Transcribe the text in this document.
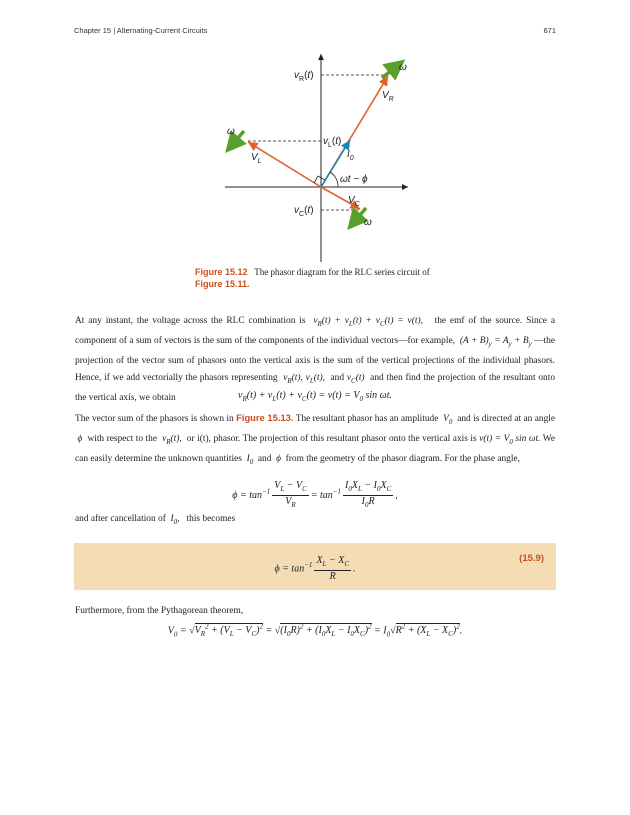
Chapter 15 | Alternating-Current Circuits	671
$v_R(t)$
$v_L(t)$
$v_C(t)$
$V_R$
$V_L$
$V_C$
$I_0$
ωt − ϕ
ω
ω
ω
Figure 15.12 The phasor diagram for the RLC series circuit of
Figure 15.11.
At any instant, the voltage across the RLC combination is $v_R(t) + v_L(t) + v_C(t) = v(t)$, the emf of the source. Since a component of a sum of vectors is the sum of the components of the individual vectors—for example, $(A + B)_y = A_y + B_y$ —the projection of the vector sum of phasors onto the vertical axis is the sum of the vertical projections of the individual phasors. Hence, if we add vectorially the phasors representing $v_R(t)$, $v_L(t)$,  and $v_C(t)$ and then find the projection of the resultant onto the vertical axis, we obtain	$v_R(t) + v_L(t) + v_C(t) = v(t) = V_0$ sin ωt.
The vector sum of the phasors is shown in Figure 15.13. The resultant phasor has an amplitude $V_0$ and is directed at an angle  ϕ with respect to the $v_R(t)$, or i(t), phasor. The projection of this resultant phasor onto the vertical axis is $v(t) = V_0$ sin ωt. We can easily determine the unknown quantities $I_0$ and ϕ from the geometry of the phasor diagram. For the phase angle,
$\phi = \tan^{-1} \frac{V_L - V_C}{V_R} = \tan^{-1} \frac{I_0X_L - I_0X_C}{I_0R}$ ,
and after cancellation of $I_0$, this becomes
$\phi = \tan^{-1} \frac{X_L - X_C}{R}$ .
(15.9)
Furthermore, from the Pythagorean theorem,
$V_0 = √V_R^2 + (V_L - V_C)^2 = √(I_0R)^2 + (I_0X_L - I_0X_C)^2 = I_0√R^2 + (X_L - X_C)^2$.
